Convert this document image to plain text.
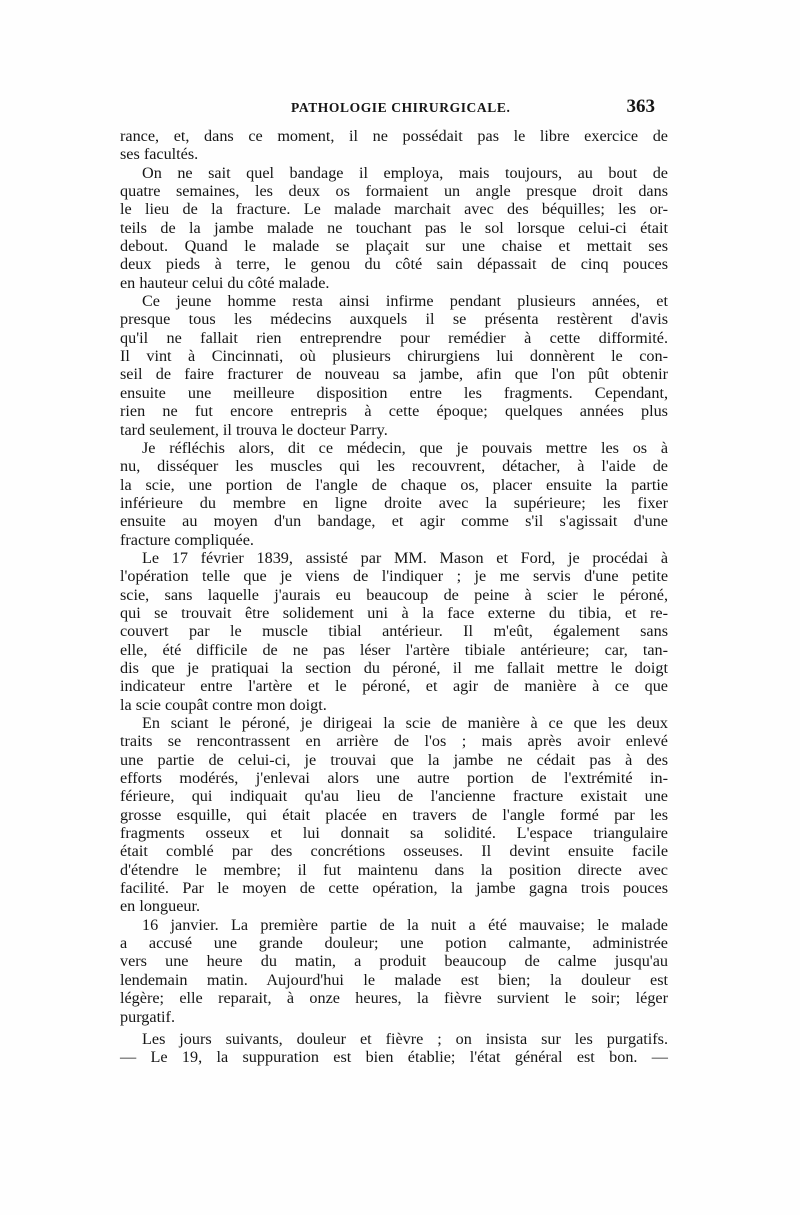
PATHOLOGIE CHIRURGICALE.	363
rance, et, dans ce moment, il ne possédait pas le libre exercice de
ses facultés.
On ne sait quel bandage il employa, mais toujours, au bout de
quatre semaines, les deux os formaient un angle presque droit dans
le lieu de la fracture. Le malade marchait avec des béquilles; les or-
teils de la jambe malade ne touchant pas le sol lorsque celui-ci était
debout. Quand le malade se plaçait sur une chaise et mettait ses
deux pieds à terre, le genou du côté sain dépassait de cinq pouces
en hauteur celui du côté malade.
Ce jeune homme resta ainsi infirme pendant plusieurs années, et
presque tous les médecins auxquels il se présenta restèrent d'avis
qu'il ne fallait rien entreprendre pour remédier à cette difformité.
Il vint à Cincinnati, où plusieurs chirurgiens lui donnèrent le con-
seil de faire fracturer de nouveau sa jambe, afin que l'on pût obtenir
ensuite une meilleure disposition entre les fragments. Cependant,
rien ne fut encore entrepris à cette époque; quelques années plus
tard seulement, il trouva le docteur Parry.
Je réfléchis alors, dit ce médecin, que je pouvais mettre les os à
nu, disséquer les muscles qui les recouvrent, détacher, à l'aide de
la scie, une portion de l'angle de chaque os, placer ensuite la partie
inférieure du membre en ligne droite avec la supérieure; les fixer
ensuite au moyen d'un bandage, et agir comme s'il s'agissait d'une
fracture compliquée.
Le 17 février 1839, assisté par MM. Mason et Ford, je procédai à
l'opération telle que je viens de l'indiquer ; je me servis d'une petite
scie, sans laquelle j'aurais eu beaucoup de peine à scier le péroné,
qui se trouvait être solidement uni à la face externe du tibia, et re-
couvert par le muscle tibial antérieur. Il m'eût, également sans
elle, été difficile de ne pas léser l'artère tibiale antérieure; car, tan-
dis que je pratiquai la section du péroné, il me fallait mettre le doigt
indicateur entre l'artère et le péroné, et agir de manière à ce que
la scie coupât contre mon doigt.
En sciant le péroné, je dirigeai la scie de manière à ce que les deux
traits se rencontrassent en arrière de l'os ; mais après avoir enlevé
une partie de celui-ci, je trouvai que la jambe ne cédait pas à des
efforts modérés, j'enlevai alors une autre portion de l'extrémité in-
férieure, qui indiquait qu'au lieu de l'ancienne fracture existait une
grosse esquille, qui était placée en travers de l'angle formé par les
fragments osseux et lui donnait sa solidité. L'espace triangulaire
était comblé par des concrétions osseuses. Il devint ensuite facile
d'étendre le membre; il fut maintenu dans la position directe avec
facilité. Par le moyen de cette opération, la jambe gagna trois pouces
en longueur.
16 janvier. La première partie de la nuit a été mauvaise; le malade
a accusé une grande douleur; une potion calmante, administrée
vers une heure du matin, a produit beaucoup de calme jusqu'au
lendemain matin. Aujourd'hui le malade est bien; la douleur est
légère; elle reparait, à onze heures, la fièvre survient le soir; léger
purgatif.
Les jours suivants, douleur et fièvre ; on insista sur les purgatifs.
— Le 19, la suppuration est bien établie; l'état général est bon. —
